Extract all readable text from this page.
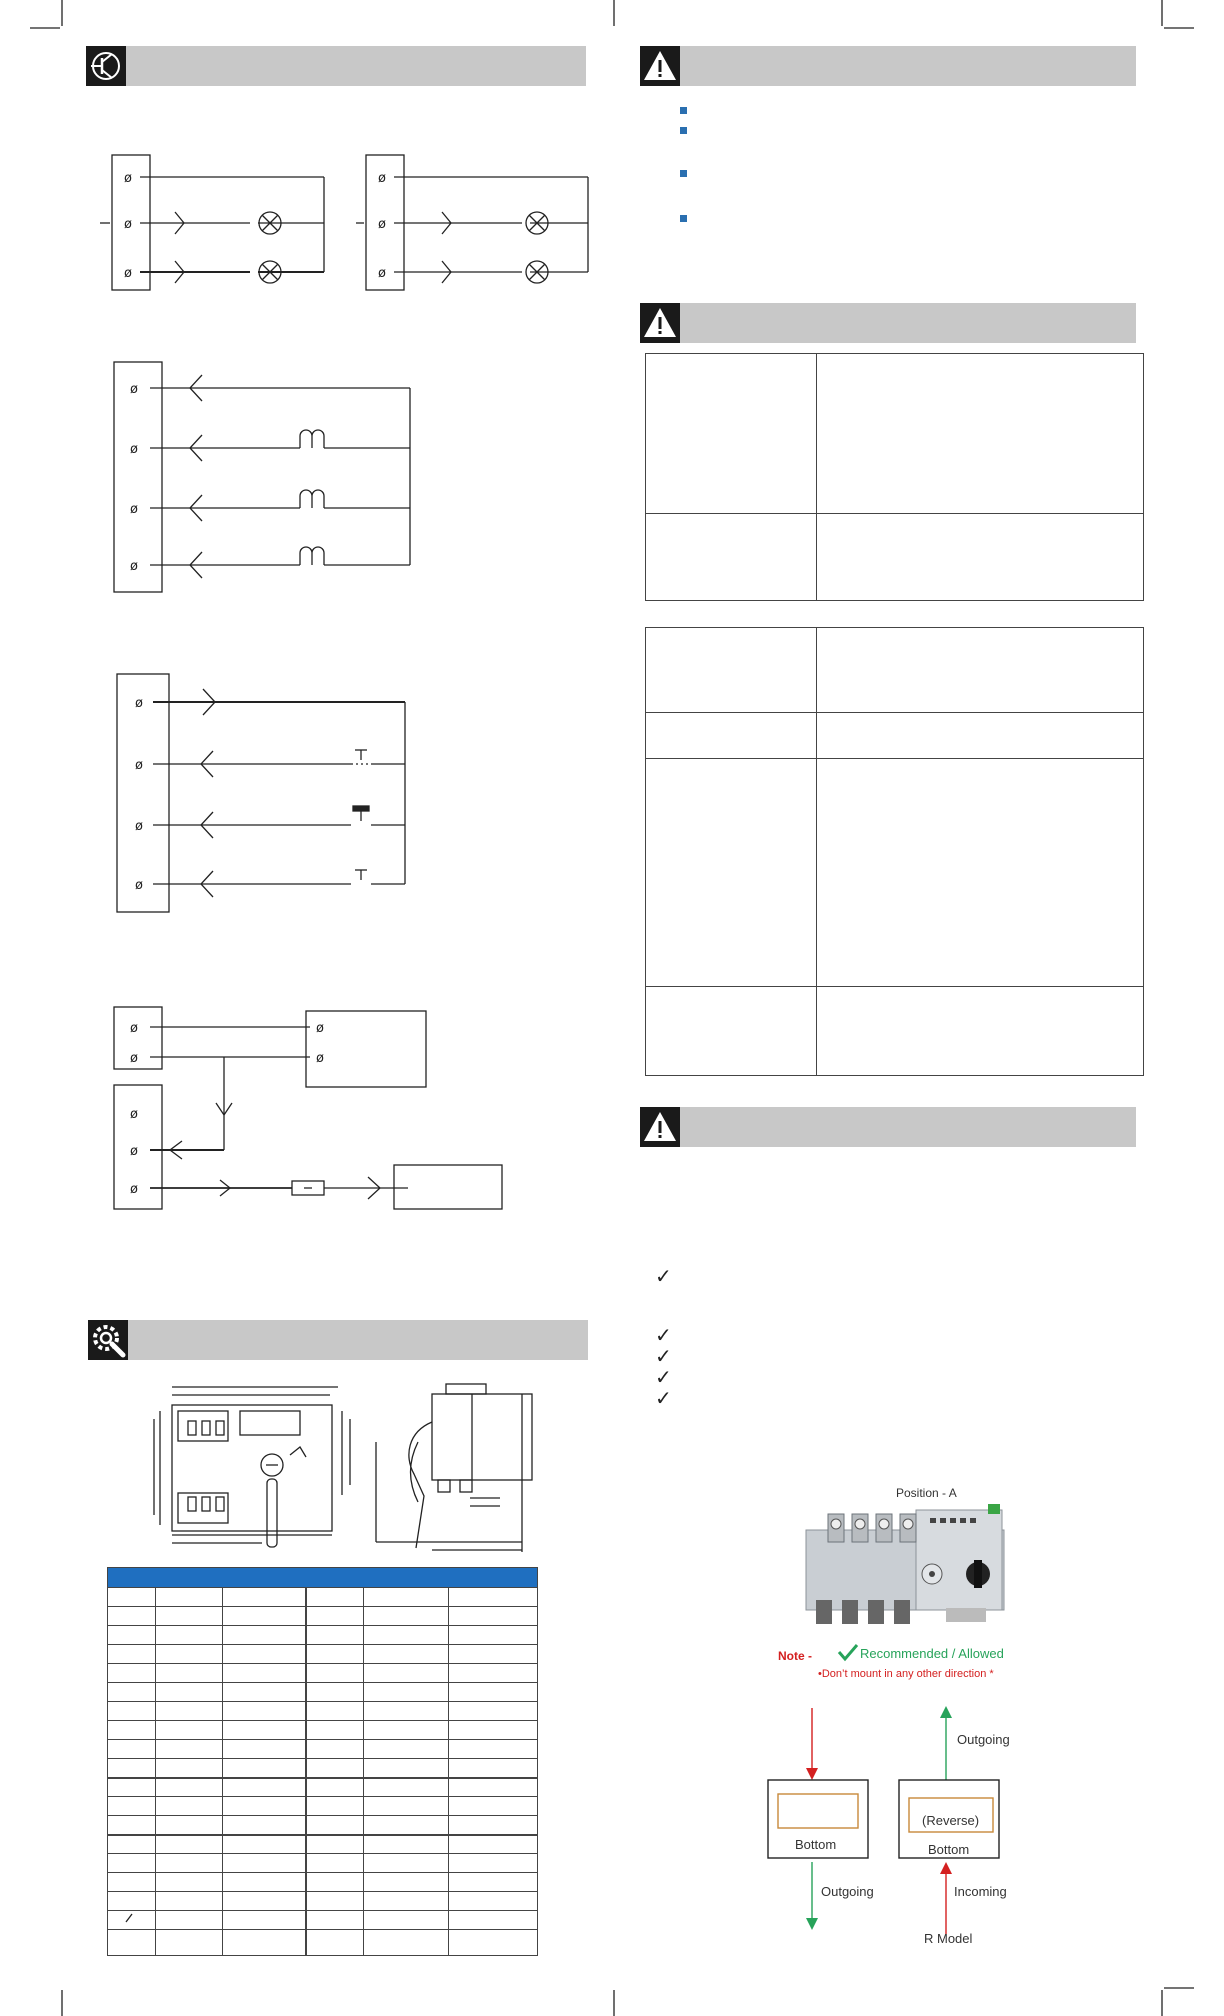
ø
ø
ø
ø
ø
ø
ø
ø
ø
ø
ø
ø
ø
ø
ø
ø
ø
ø
ø
ø
ø
✓
✓
✓
✓
✓
Position - A
Note -	Recommended / Allowed
•Don’t mount in any other direction *
Outgoing
(Reverse)
Bottom	Bottom
Outgoing	Incoming
R Model
